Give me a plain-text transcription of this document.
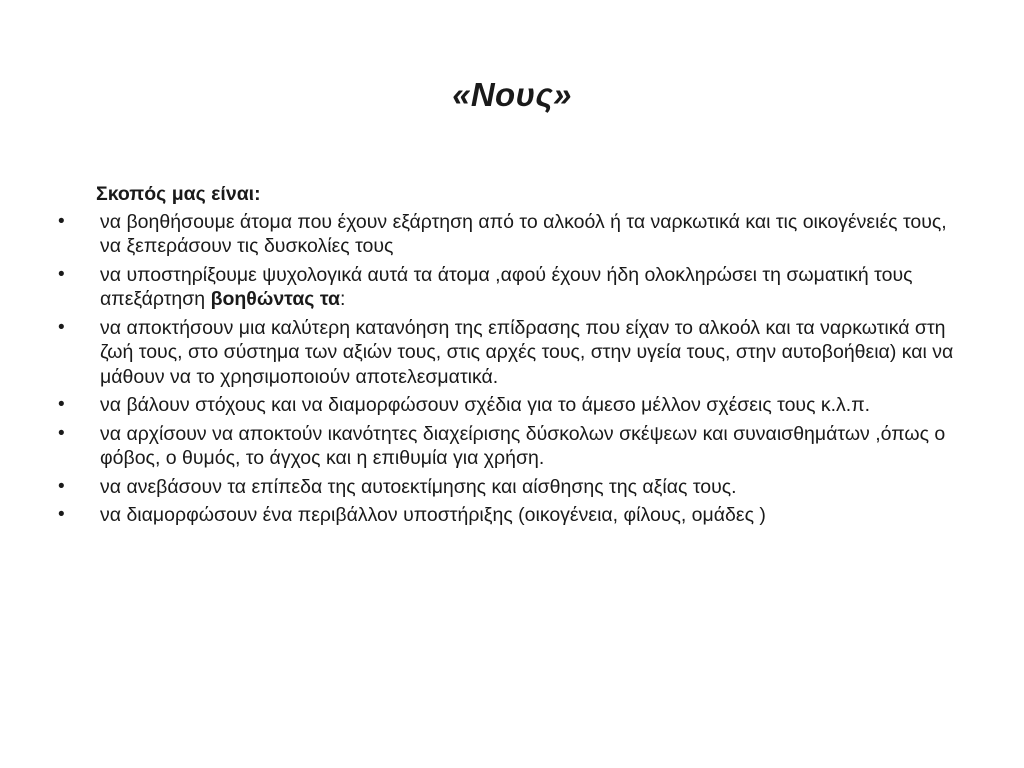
«Νους»
Σκοπός μας είναι:
•	να βοηθήσουμε άτομα που έχουν εξάρτηση από το αλκοόλ ή τα ναρκωτικά και τις οικογένειές τους, να ξεπεράσουν τις δυσκολίες τους
•	να υποστηρίξουμε ψυχολογικά αυτά τα άτομα ,αφού έχουν ήδη ολοκληρώσει τη σωματική τους απεξάρτηση βοηθώντας τα:
•	να αποκτήσουν μια καλύτερη κατανόηση της επίδρασης που είχαν το αλκοόλ και τα ναρκωτικά στη ζωή τους, στο σύστημα των αξιών τους, στις αρχές τους, στην υγεία τους, στην αυτοβοήθεια) και να μάθουν να το χρησιμοποιούν αποτελεσματικά.
•	να βάλουν στόχους και να διαμορφώσουν σχέδια για το άμεσο μέλλον σχέσεις τους κ.λ.π.
•	να αρχίσουν να αποκτούν ικανότητες διαχείρισης δύσκολων σκέψεων και συναισθημάτων ,όπως ο φόβος, ο θυμός, το άγχος και η επιθυμία για χρήση.
•	να ανεβάσουν τα επίπεδα της αυτοεκτίμησης και αίσθησης της αξίας τους.
•	να διαμορφώσουν ένα περιβάλλον υποστήριξης (οικογένεια, φίλους, ομάδες )
